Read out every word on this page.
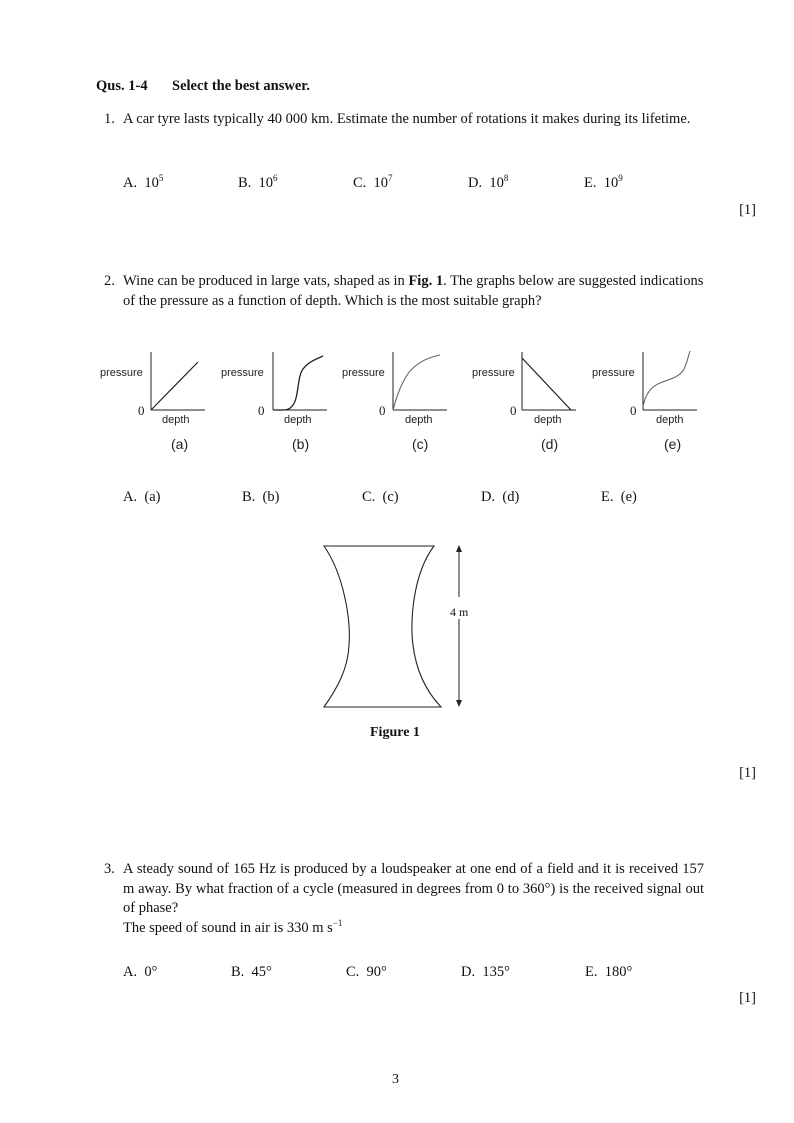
Qus. 1-4 Select the best answer.
1. A car tyre lasts typically 40 000 km. Estimate the number of rotations it makes during its lifetime.
A. $10^5$	B. $10^6$	C. $10^7$	D. $10^8$	E. $10^9$
[1]
2. Wine can be produced in large vats, shaped as in Fig. 1. The graphs below are suggested indications of the pressure as a function of depth. Which is the most suitable graph?
pressure
0
depth
(a)
pressure
0
depth
(b)
pressure
0
depth
(c)
pressure
0
depth
(d)
pressure
0
depth
(e)
A. (a)	B. (b)	C. (c)	D. (d)	E. (e)
4 m
Figure 1
[1]
3. A steady sound of 165 Hz is produced by a loudspeaker at one end of a field and it is received 157 m away. By what fraction of a cycle (measured in degrees from 0 to 360°) is the received signal out of phase?
The speed of sound in air is 330 m $s^{-1}$
A. 0°	B. 45°	C. 90°	D. 135°	E. 180°
[1]
3
